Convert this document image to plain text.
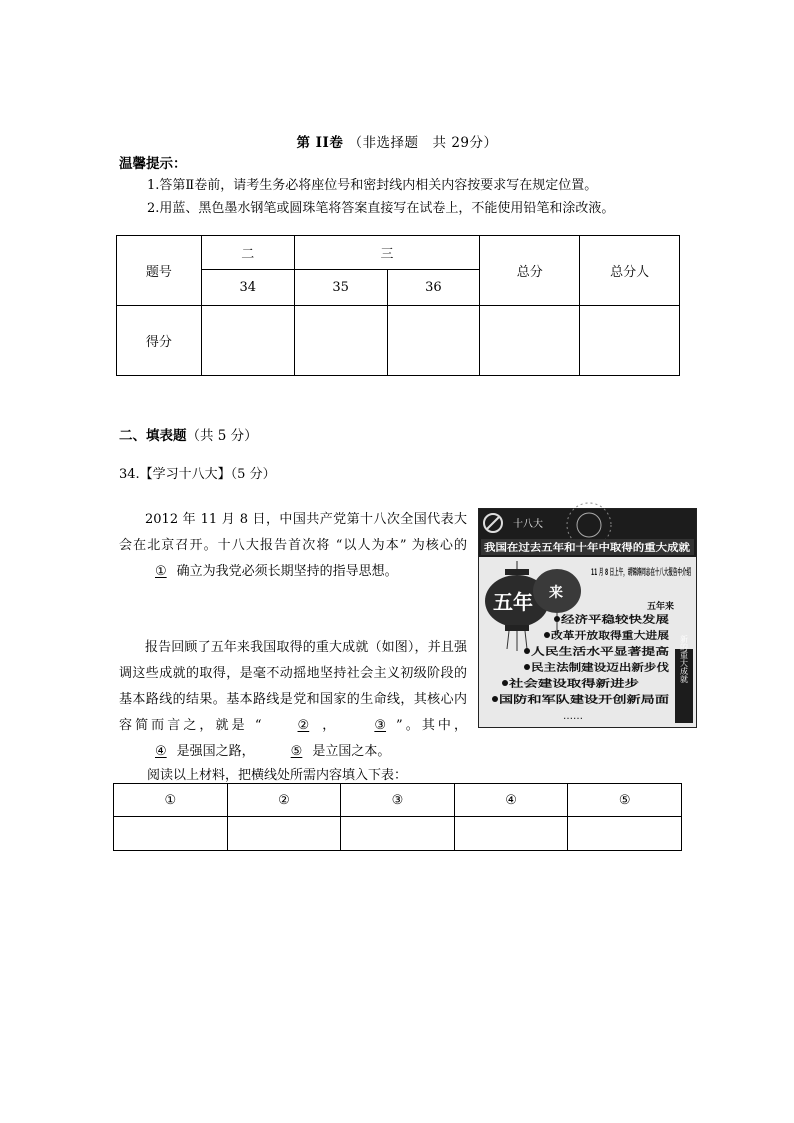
第 II卷 （非选择题　共 29分）
温馨提示：
1.答第Ⅱ卷前，请考生务必将座位号和密封线内相关内容按要求写在规定位置。
2.用蓝、黑色墨水钢笔或圆珠笔将答案直接写在试卷上，不能使用铅笔和涂改液。
题号	二	三		总分	总分人
	34	35	36		
得分					
二、填表题（共 5 分）
34.【学习十八大】（5 分）
2012 年 11 月 8 日，中国共产党第十八次全国代表大会在北京召开。十八大报告首次将 “以人为本” 为核心的① 确立为我党必须长期坚持的指导思想。
报告回顾了五年来我国取得的重大成就（如图），并且强调这些成就的取得，是毫不动摇地坚持社会主义初级阶段的基本路线的结果。基本路线是党和国家的生命线，其核心内容简而言之，就是 “	② ，	③ ”。其中，④ 是强国之路，	⑤ 是立国之本。
十八大
我国在过去五年和十年中取得的重大成就
五年 来
11 月 8 日上午，胡锦涛同志在十八大报告中介绍
五年来
经济平稳较快发展
改革开放取得重大进展
人民生活水平显著提高
民主法制建设迈出新步伐
社会建设取得新进步
国防和军队建设开创新局面
……
新的重大成就
阅读以上材料，把横线处所需内容填入下表：
①	②	③	④	⑤
